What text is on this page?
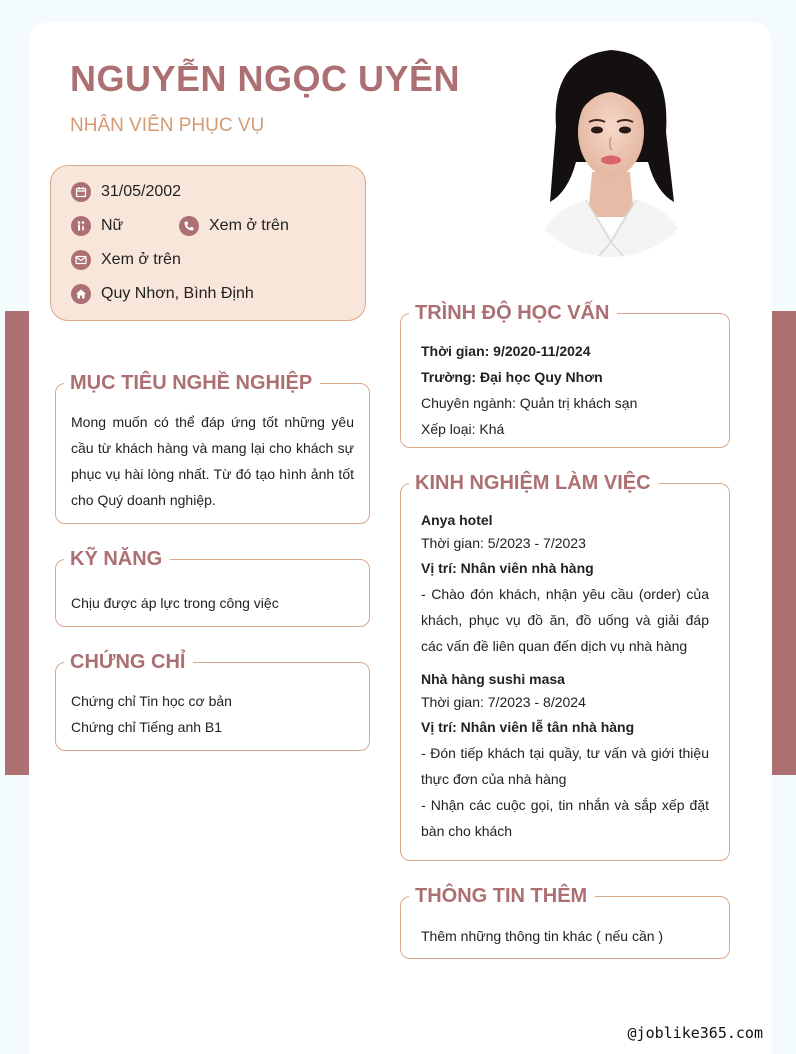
NGUYỄN NGỌC UYÊN
NHÂN VIÊN PHỤC VỤ
31/05/2002
Nữ	Xem ở trên
Xem ở trên
Quy Nhơn, Bình Định
MỤC TIÊU NGHỀ NGHIỆP
Mong muốn có thể đáp ứng tốt những yêu cầu từ khách hàng và mang lại cho khách sự phục vụ hài lòng nhất. Từ đó tạo hình ảnh tốt cho Quý doanh nghiệp.
KỸ NĂNG

Chịu được áp lực trong công việc

CHỨNG CHỈ

Chứng chỉ Tin học cơ bản

Chứng chỉ Tiếng anh B1

TRÌNH ĐỘ HỌC VẤN

Thời gian: 9/2020-11/2024

Trường: Đại học Quy Nhơn

Chuyên ngành: Quản trị khách sạn

Xếp loại: Khá

KINH NGHIỆM LÀM VIỆC

Anya hotel

Thời gian: 5/2023 - 7/2023

Vị trí: Nhân viên nhà hàng

- Chào đón khách, nhận yêu cầu (order) của khách, phục vụ đồ ăn, đồ uống và giải đáp các vấn đề liên quan đến dịch vụ nhà hàng

Nhà hàng sushi masa

Thời gian: 7/2023 - 8/2024

Vị trí: Nhân viên lễ tân nhà hàng

- Đón tiếp khách tại quầy, tư vấn và giới thiệu thực đơn của nhà hàng

- Nhận các cuộc gọi, tin nhắn và sắp xếp đặt bàn cho khách

THÔNG TIN THÊM
Thêm những thông tin khác ( nếu cần )
@joblike365.com
